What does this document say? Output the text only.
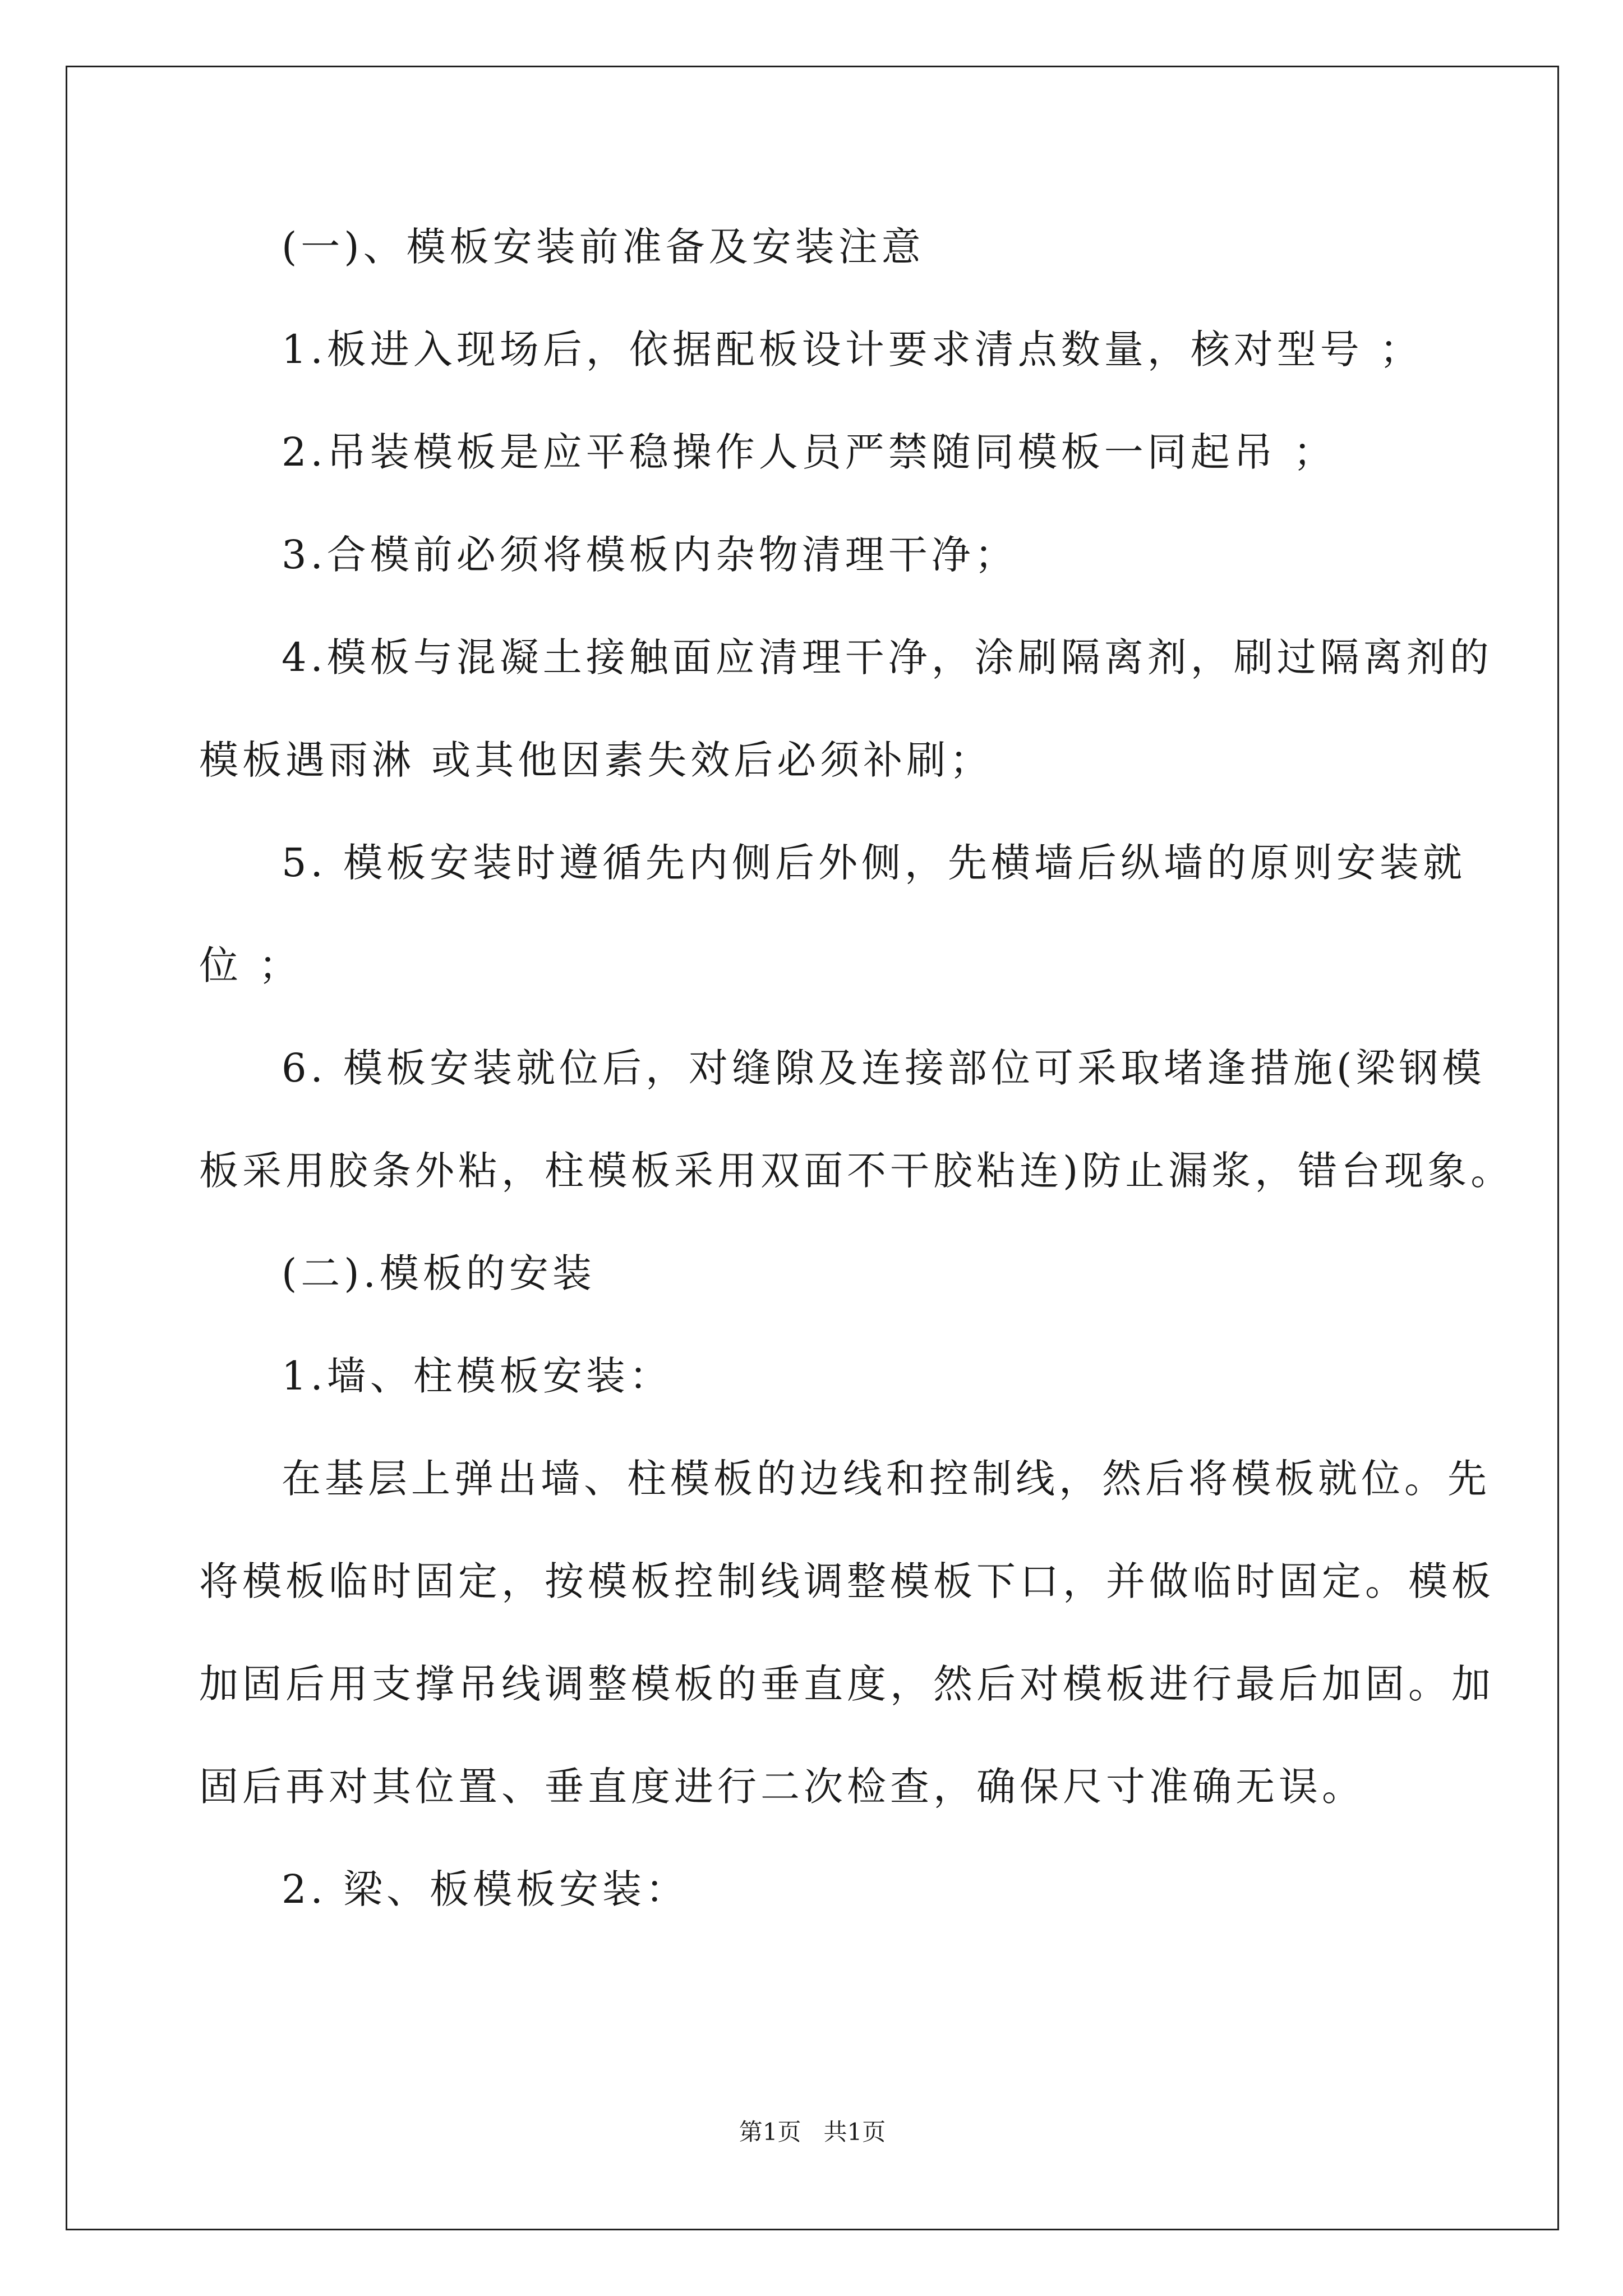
(一)、模板安装前准备及安装注意

1.板进入现场后，依据配板设计要求清点数量，核对型号 ；

2.吊装模板是应平稳操作人员严禁随同模板一同起吊 ；

3.合模前必须将模板内杂物清理干净；

4.模板与混凝土接触面应清理干净，涂刷隔离剂，刷过隔离剂的

模板遇雨淋 或其他因素失效后必须补刷；

5. 模板安装时遵循先内侧后外侧，先横墙后纵墙的原则安装就

位 ；

6. 模板安装就位后，对缝隙及连接部位可采取堵逢措施(梁钢模

板采用胶条外粘，柱模板采用双面不干胶粘连)防止漏浆，错台现象。

(二).模板的安装

1.墙、柱模板安装：

在基层上弹出墙、柱模板的边线和控制线，然后将模板就位。先

将模板临时固定，按模板控制线调整模板下口，并做临时固定。模板

加固后用支撑吊线调整模板的垂直度，然后对模板进行最后加固。加

固后再对其位置、垂直度进行二次检查，确保尺寸准确无误。

2. 梁、板模板安装：

第1页   共1页
